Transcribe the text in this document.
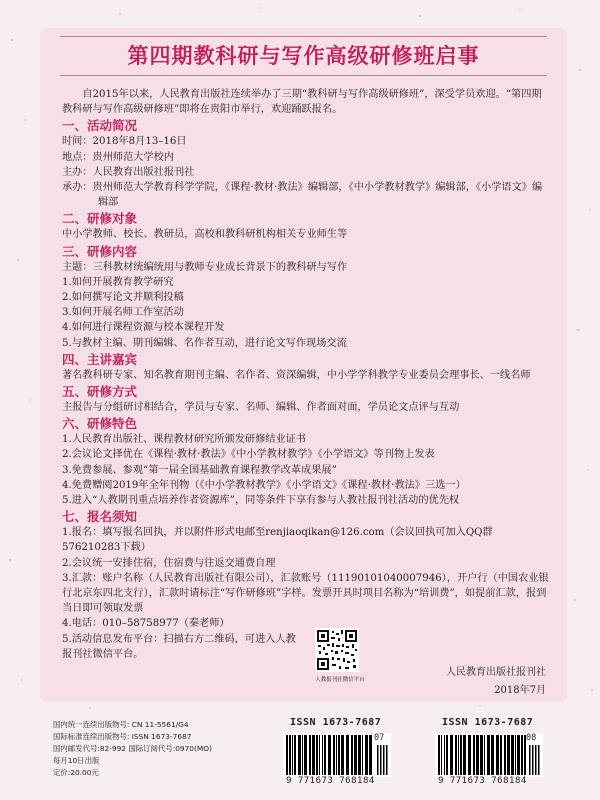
第四期教科研与写作高级研修班启事

自2015年以来，人民教育出版社连续举办了三期“教科研与写作高级研修班”，深受学员欢迎。“第四期教科研与写作高级研修班”即将在贵阳市举行，欢迎踊跃报名。

一、活动简况

时间：2018年8月13–16日

地点：贵州师范大学校内

主办：人民教育出版社报刊社

承办：贵州师范大学教育科学学院，《课程·教材·教法》编辑部，《中小学教材教学》编辑部，《小学语文》编辑部

二、研修对象

中小学教师、校长、教研员，高校和教科研机构相关专业师生等

三、研修内容

主题：三科教材统编统用与教师专业成长背景下的教科研与写作

1.如何开展教育教学研究

2.如何撰写论文并顺利投稿

3.如何开展名师工作室活动

4.如何进行课程资源与校本课程开发

5.与教材主编、期刊编辑、名作者互动，进行论文写作现场交流

四、主讲嘉宾

著名教科研专家、知名教育期刊主编、名作者、资深编辑，中小学学科教学专业委员会理事长、一线名师

五、研修方式

主报告与分组研讨相结合，学员与专家、名师、编辑、作者面对面，学员论文点评与互动

六、研修特色

1.人民教育出版社、课程教材研究所颁发研修结业证书

2.会议论文择优在《课程·教材·教法》《中小学教材教学》《小学语文》等刊物上发表

3.免费参展、参观“第一届全国基础教育课程教学改革成果展”

4.免费赠阅2019年全年刊物（《中小学教材教学》《小学语文》《课程·教材·教法》三选一）

5.进入“人教期刊重点培养作者资源库”，同等条件下享有参与人教社报刊社活动的优先权

七、报名须知

1.报名：填写报名回执，并以附件形式电邮至renjiaoqikan@126.com（会议回执可加入QQ群576210283下载）

2.会议统一安排住宿，住宿费与往返交通费自理

3.汇款：账户名称（人民教育出版社有限公司），汇款账号（11190101040007946），开户行（中国农业银行北京东四北支行），汇款时请标注“写作研修班”字样。发票开具时项目名称为“培训费”，如提前汇款，报到当日即可领取发票

4.电话：010–58758977（秦老师）

5.活动信息发布平台：扫描右方二维码，可进入人教报刊社微信平台。

人教报刊社微信平台
人民教育出版社报刊社
2018年7月
国内统一连续出版物号: CN 11-5561/G4
国际标准连续出版物号: ISSN 1673-7687
国内邮发代号:82-992 国际订阅代号:0970(MO)
每月10日出版
定价:20.00元
ISSN 1673-7687
07
9 771673 768184
ISSN 1673-7687
08
9 771673 768184
